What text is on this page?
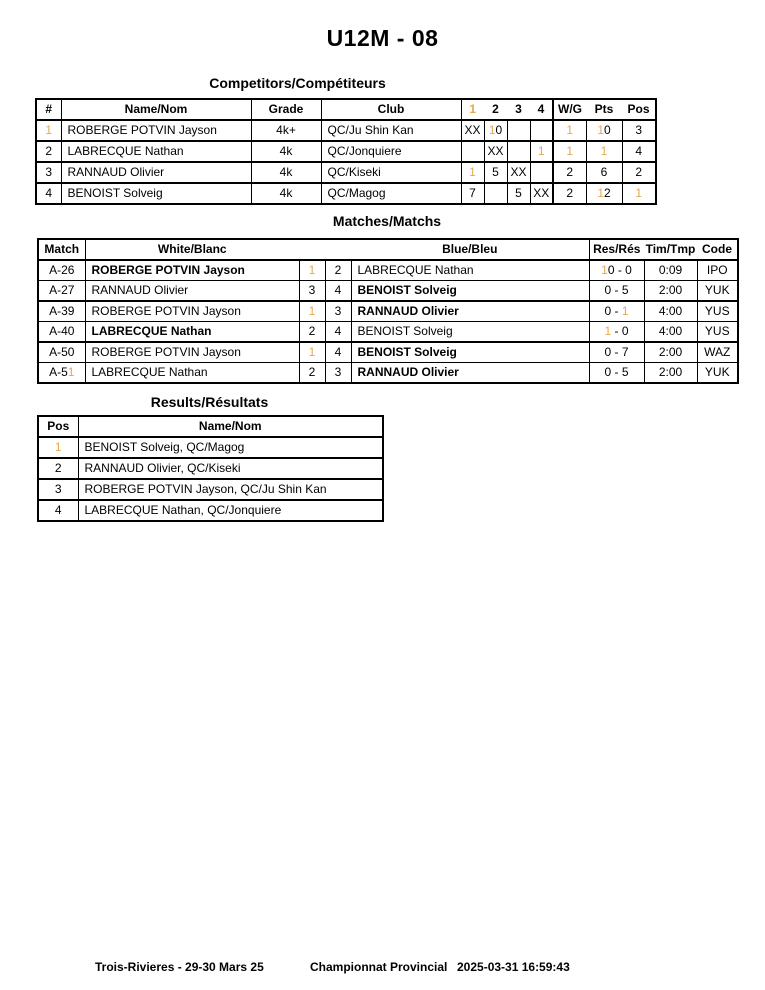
U12M - 08
Competitors/Compétiteurs
#	Name/Nom	Grade	Club	1	2	3	4	W/G	Pts	Pos
1	ROBERGE POTVIN Jayson	4k+	QC/Ju Shin Kan	XX	10			1	10	3
2	LABRECQUE Nathan	4k	QC/Jonquiere		XX		1	1	1	4
3	RANNAUD Olivier	4k	QC/Kiseki	1	5	XX		2	6	2
4	BENOIST Solveig	4k	QC/Magog	7		5	XX	2	12	1
Matches/Matchs
Match	White/Blanc			Blue/Bleu	Res/Rés	Tim/Tmp	Code
A-26	ROBERGE POTVIN Jayson	1	2	LABRECQUE Nathan	10 - 0	0:09	IPO
A-27	RANNAUD Olivier	3	4	BENOIST Solveig	0 - 5	2:00	YUK
A-39	ROBERGE POTVIN Jayson	1	3	RANNAUD Olivier	0 - 1	4:00	YUS
A-40	LABRECQUE Nathan	2	4	BENOIST Solveig	1 - 0	4:00	YUS
A-50	ROBERGE POTVIN Jayson	1	4	BENOIST Solveig	0 - 7	2:00	WAZ
A-51	LABRECQUE Nathan	2	3	RANNAUD Olivier	0 - 5	2:00	YUK
Results/Résultats
Pos	Name/Nom
1	BENOIST Solveig, QC/Magog
2	RANNAUD Olivier, QC/Kiseki
3	ROBERGE POTVIN Jayson, QC/Ju Shin Kan
4	LABRECQUE Nathan, QC/Jonquiere
Trois-Rivieres - 29-30 Mars 25	Championnat Provincial 2025-03-31 16:59:43
